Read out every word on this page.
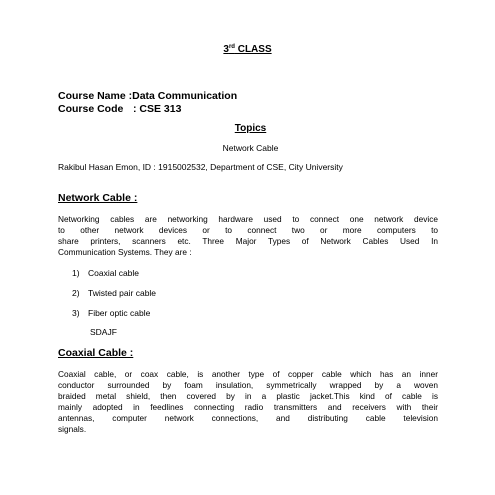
3rd CLASS
Course Name :Data Communication
Course Code : CSE 313
Topics
Network Cable
Rakibul Hasan Emon, ID : 1915002532, Department of CSE, City University
Network Cable :
Networking cables are networking hardware used to connect one network device
to other network devices or to connect two or more computers to
share printers, scanners etc. Three Major Types of Network Cables Used In
Communication Systems. They are :
1) Coaxial cable
2) Twisted pair cable
3) Fiber optic cable
SDAJF
Coaxial Cable :
Coaxial cable, or coax cable, is another type of copper cable which has an inner
conductor surrounded by foam insulation, symmetrically wrapped by a woven
braided metal shield, then covered by in a plastic jacket.This kind of cable is
mainly adopted in feedlines connecting radio transmitters and receivers with their
antennas, computer network connections, and distributing cable television
signals.
